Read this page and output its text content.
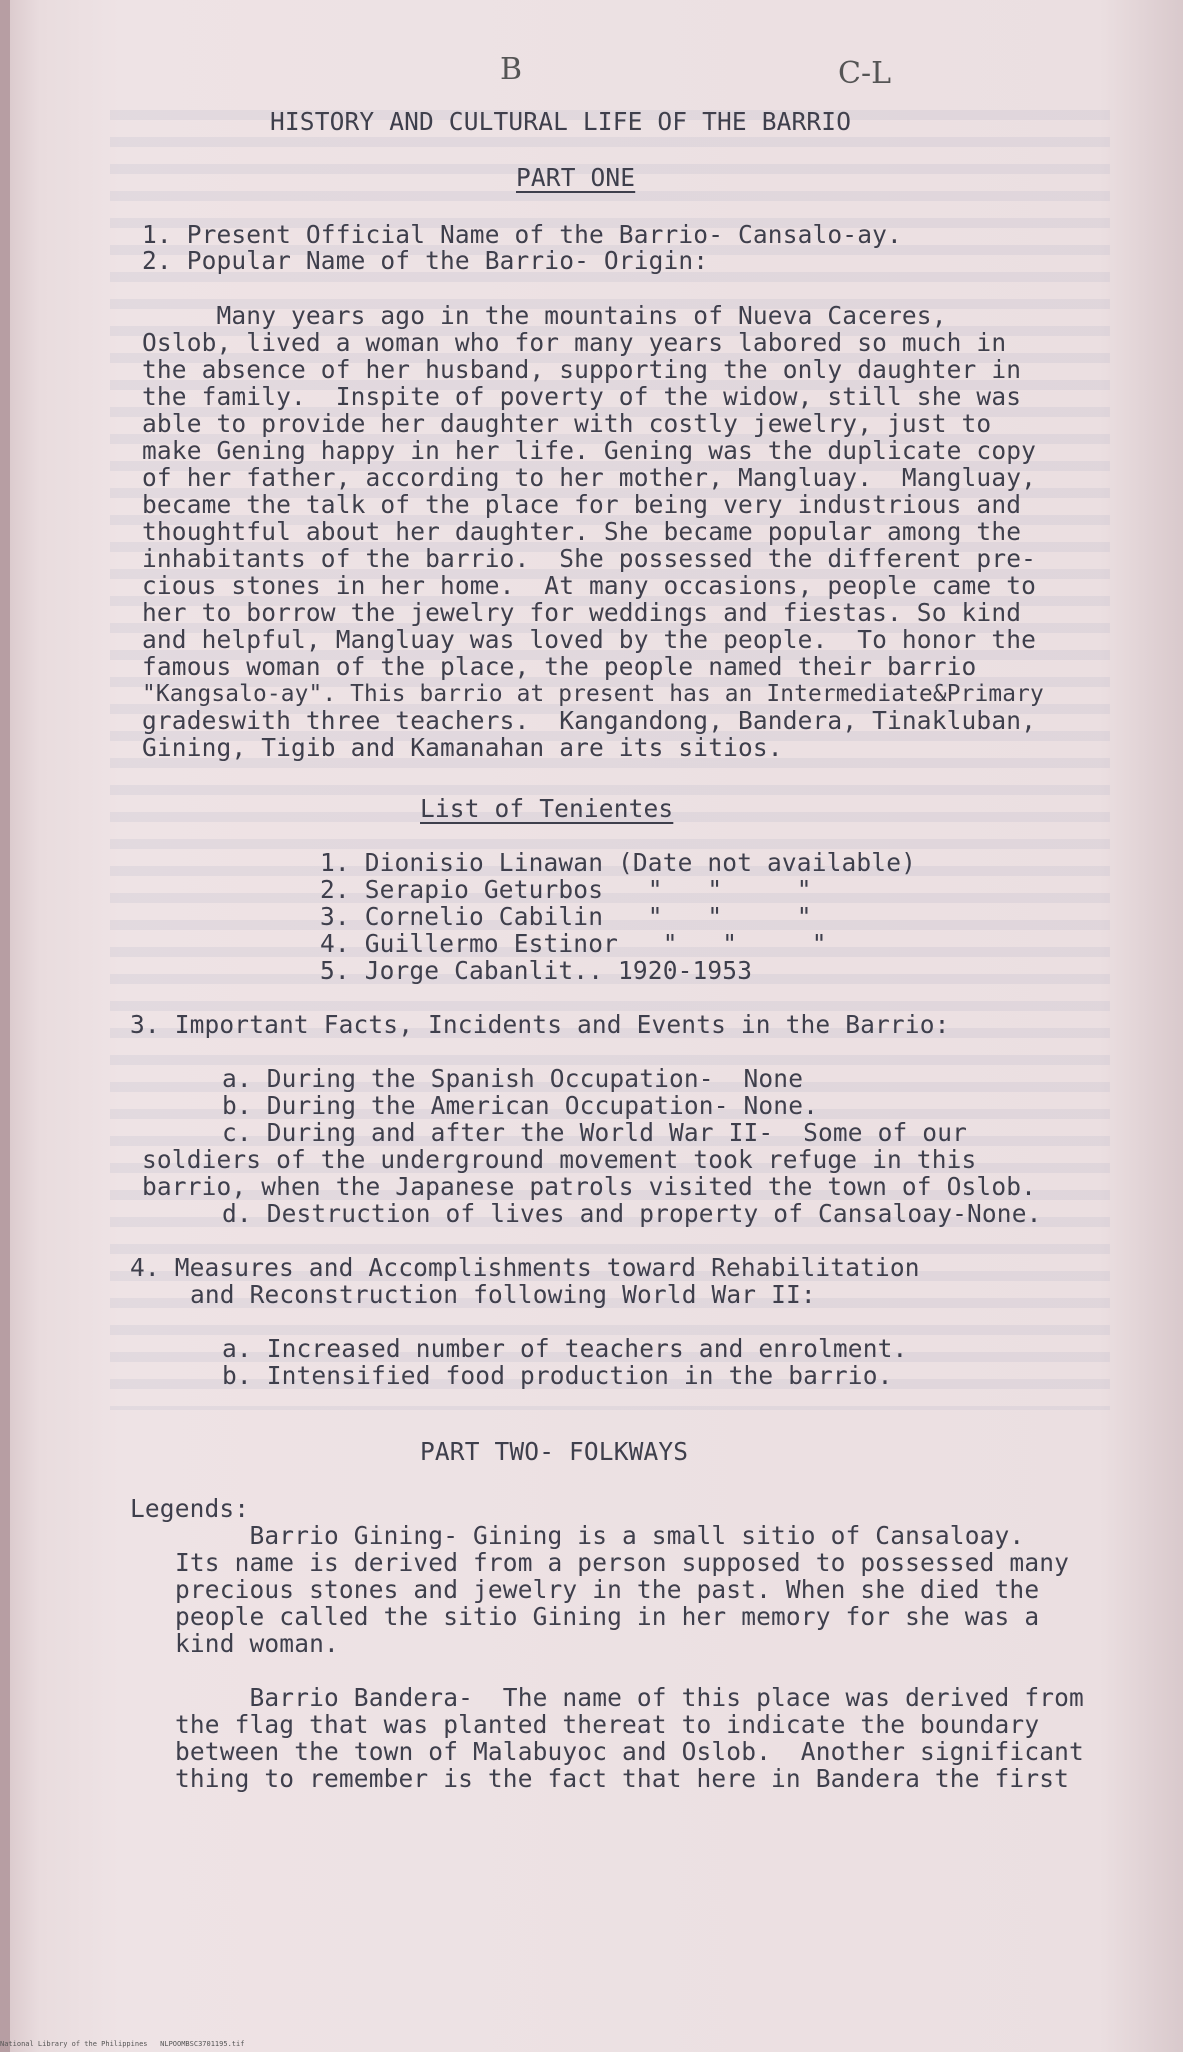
B	C-L
HISTORY AND CULTURAL LIFE OF THE BARRIO
PART ONE
1. Present Official Name of the Barrio- Cansalo-ay.
2. Popular Name of the Barrio- Origin:
Many years ago in the mountains of Nueva Caceres,
Oslob, lived a woman who for many years labored so much in
the absence of her husband, supporting the only daughter in
the family.  Inspite of poverty of the widow, still she was
able to provide her daughter with costly jewelry, just to
make Gening happy in her life. Gening was the duplicate copy
of her father, according to her mother, Mangluay.  Mangluay,
became the talk of the place for being very industrious and
thoughtful about her daughter. She became popular among the
inhabitants of the barrio.  She possessed the different pre-
cious stones in her home.  At many occasions, people came to
her to borrow the jewelry for weddings and fiestas. So kind
and helpful, Mangluay was loved by the people.  To honor the
famous woman of the place, the people named their barrio
"Kangsalo-ay". This barrio at present has an Intermediate&Primary
gradeswith three teachers.  Kangandong, Bandera, Tinakluban,
Gining, Tigib and Kamanahan are its sitios.
List of Tenientes
1. Dionisio Linawan (Date not available)
2. Serapio Geturbos   "   "     "
3. Cornelio Cabilin   "   "     "
4. Guillermo Estinor   "   "     "
5. Jorge Cabanlit.. 1920-1953
3. Important Facts, Incidents and Events in the Barrio:
a. During the Spanish Occupation-  None
b. During the American Occupation- None.
c. During and after the World War II-  Some of our
soldiers of the underground movement took refuge in this
barrio, when the Japanese patrols visited the town of Oslob.
d. Destruction of lives and property of Cansaloay-None.
4. Measures and Accomplishments toward Rehabilitation
and Reconstruction following World War II:
a. Increased number of teachers and enrolment.
b. Intensified food production in the barrio.
PART TWO- FOLKWAYS
Legends:
Barrio Gining- Gining is a small sitio of Cansaloay.
Its name is derived from a person supposed to possessed many
precious stones and jewelry in the past. When she died the
people called the sitio Gining in her memory for she was a
kind woman.
Barrio Bandera-  The name of this place was derived from
the flag that was planted thereat to indicate the boundary
between the town of Malabuyoc and Oslob.  Another significant
thing to remember is the fact that here in Bandera the first
National Library of the Philippines   NLPOOMBSC3701195.tif
